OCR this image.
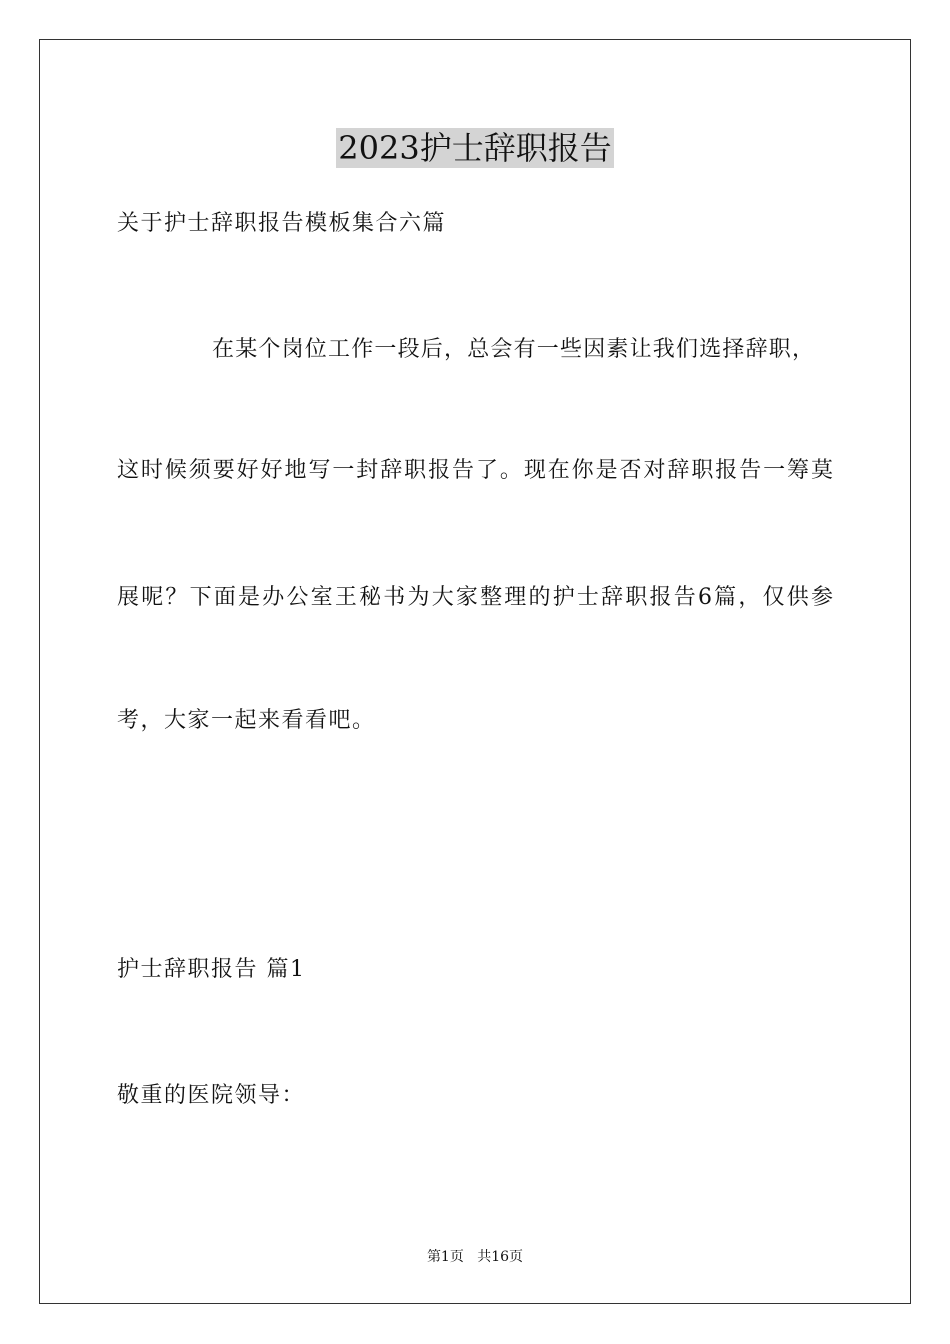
2023护士辞职报告
关于护士辞职报告模板集合六篇
在某个岗位工作一段后，总会有一些因素让我们选择辞职，
这时候须要好好地写一封辞职报告了。现在你是否对辞职报告一筹莫
展呢？下面是办公室王秘书为大家整理的护士辞职报告6篇，仅供参
考，大家一起来看看吧。
护士辞职报告 篇1
敬重的医院领导：
第1页 共16页
